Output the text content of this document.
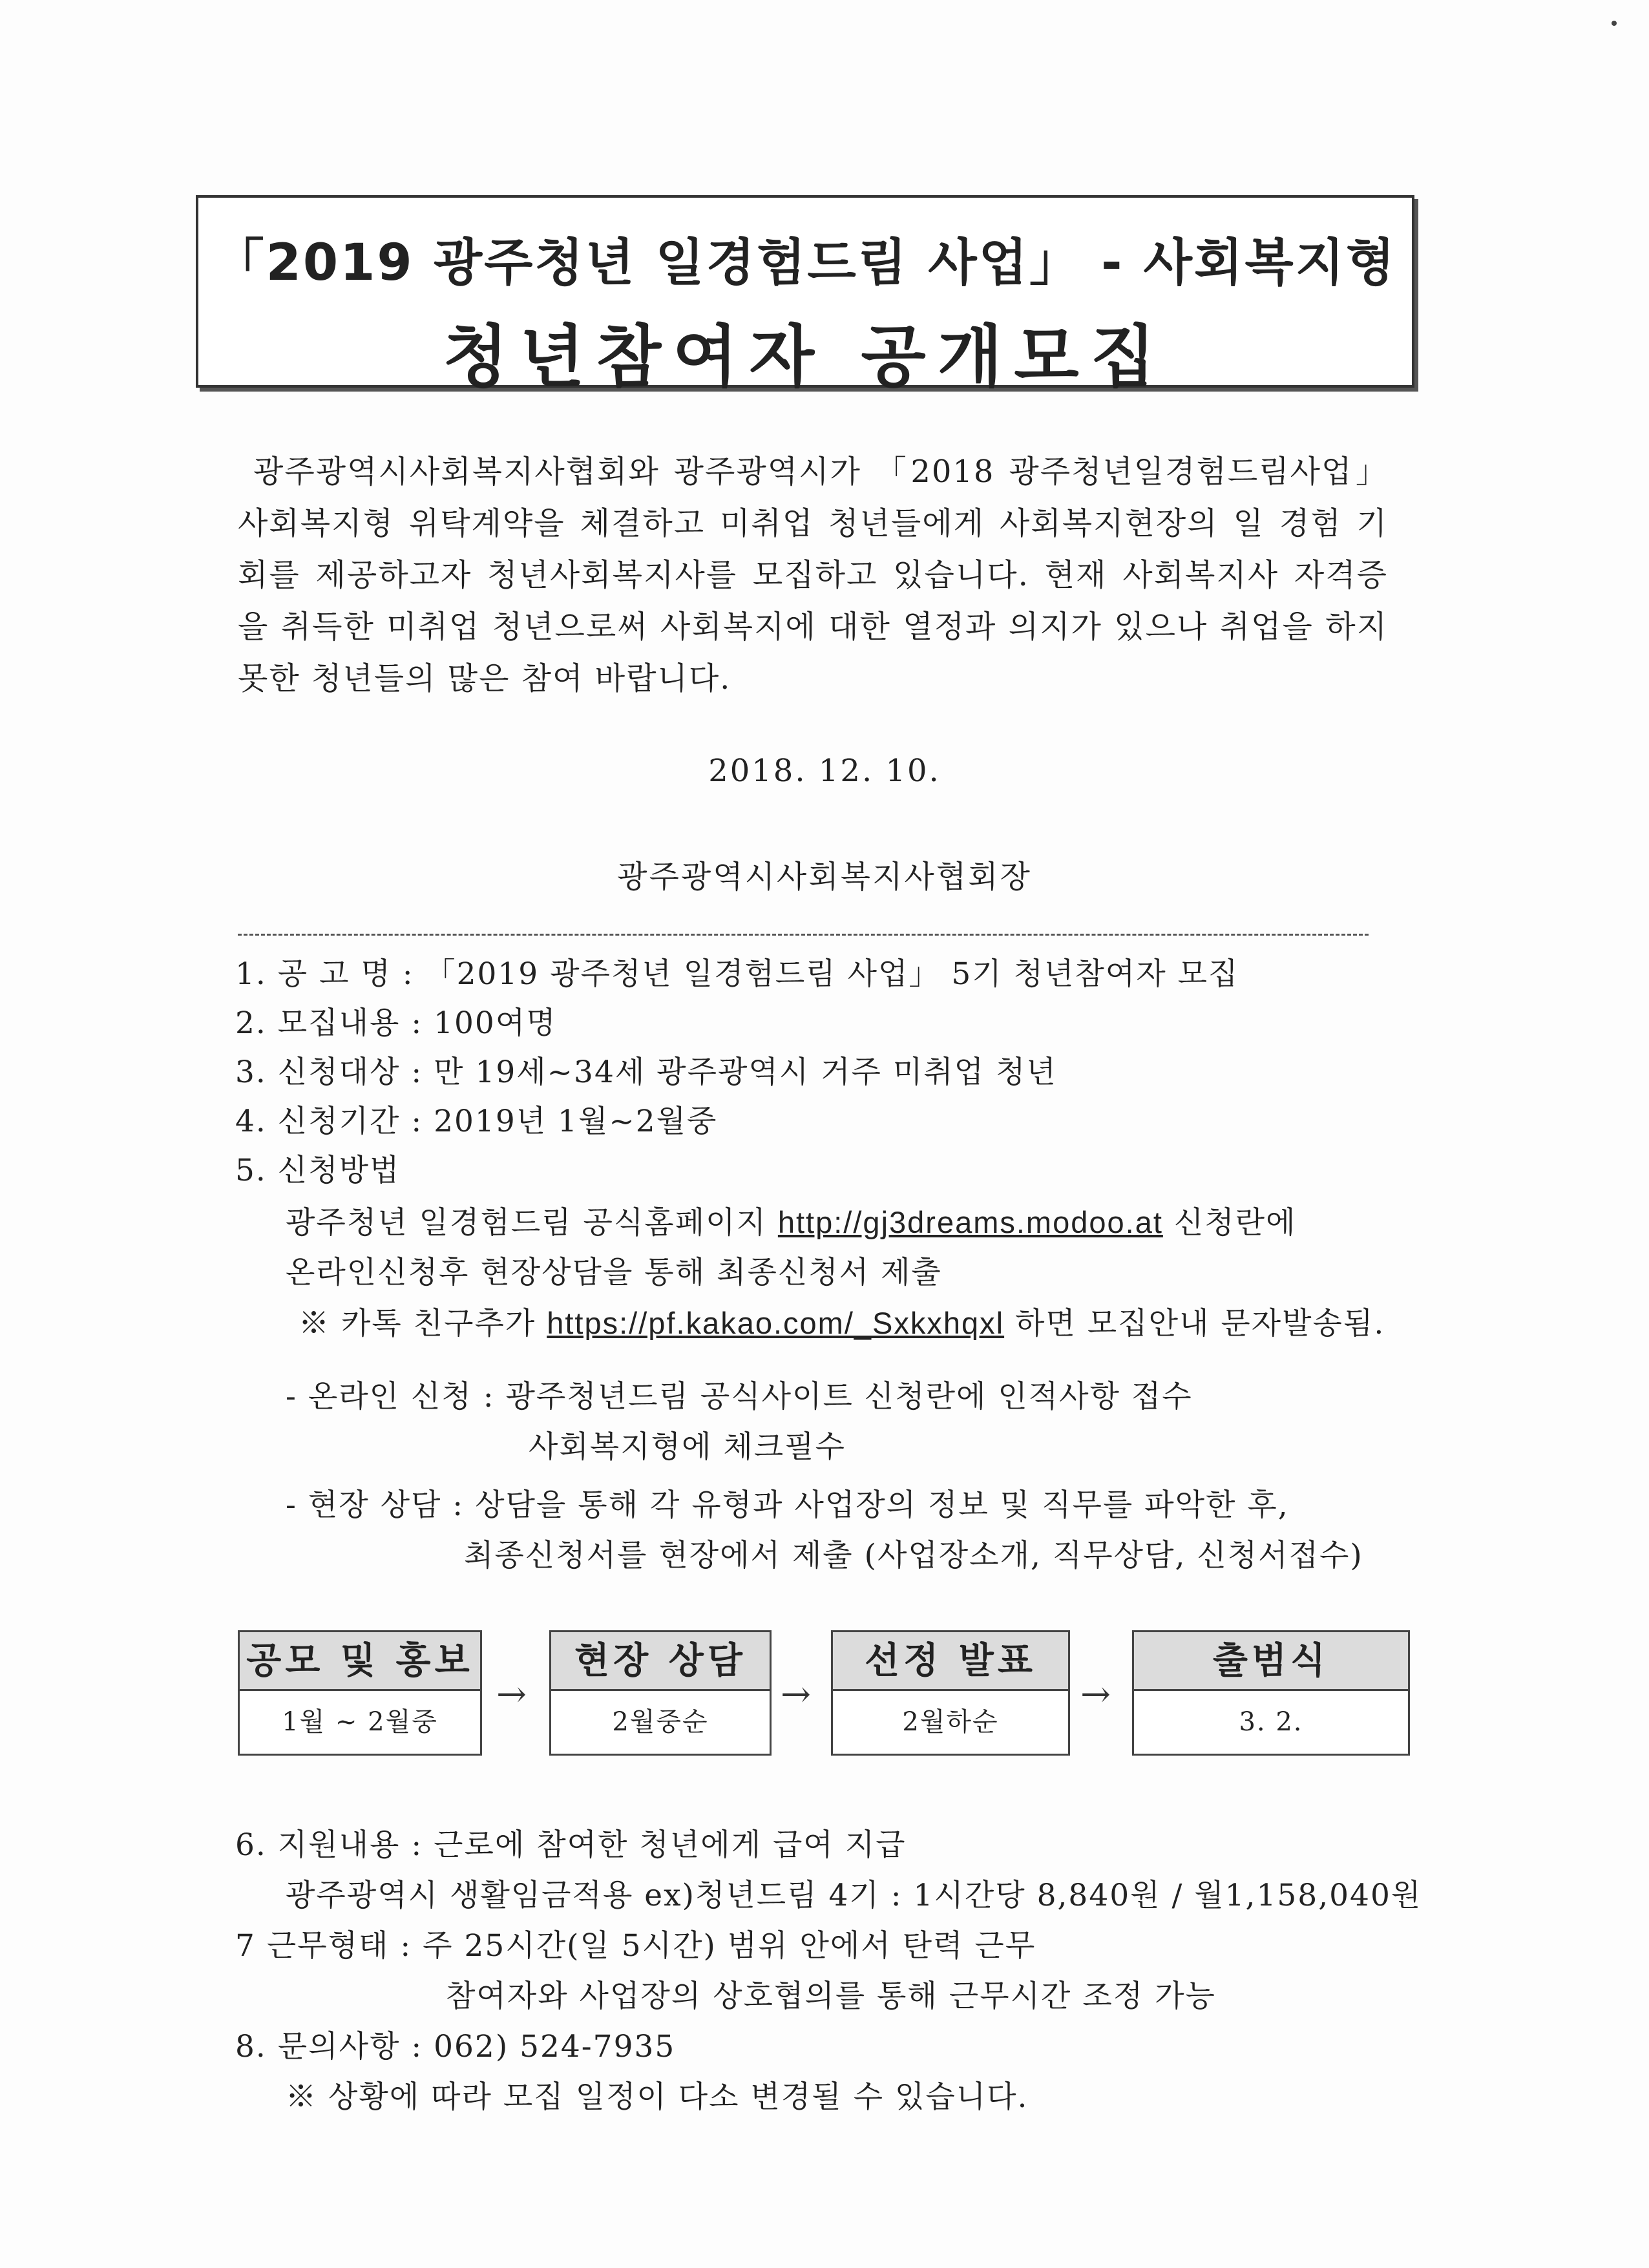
「2019 광주청년 일경험드림 사업」 - 사회복지형
청년참여자 공개모집

광주광역시사회복지사협회와 광주광역시가 「2018 광주청년일경험드림사업」 사회복지형 위탁계약을 체결하고 미취업 청년들에게 사회복지현장의 일 경험 기회를 제공하고자 청년사회복지사를 모집하고 있습니다. 현재 사회복지사 자격증을 취득한 미취업 청년으로써 사회복지에 대한 열정과 의지가 있으나 취업을 하지 못한 청년들의 많은 참여 바랍니다.

2018. 12. 10.
광주광역시사회복지사협회장
1. 공 고 명 : 「2019 광주청년 일경험드림 사업」 5기 청년참여자 모집
2. 모집내용 : 100여명
3. 신청대상 : 만 19세~34세 광주광역시 거주 미취업 청년
4. 신청기간 : 2019년 1월~2월중
5. 신청방법
광주청년 일경험드림 공식홈페이지 http://gj3dreams.modoo.at 신청란에
온라인신청후 현장상담을 통해 최종신청서 제출
※ 카톡 친구추가 https://pf.kakao.com/_Sxkxhqxl 하면 모집안내 문자발송됨.
- 온라인 신청 : 광주청년드림 공식사이트 신청란에 인적사항 접수
사회복지형에 체크필수
- 현장 상담 : 상담을 통해 각 유형과 사업장의 정보 및 직무를 파악한 후,
최종신청서를 현장에서 제출 (사업장소개, 직무상담, 신청서접수)
공모 및 홍보
1월 ~ 2월중
→
현장 상담
2월중순
→
선정 발표
2월하순
→
출범식
3. 2.
6. 지원내용 : 근로에 참여한 청년에게 급여 지급
광주광역시 생활임금적용 ex)청년드림 4기 : 1시간당 8,840원 / 월1,158,040원
7 근무형태 : 주 25시간(일 5시간) 범위 안에서 탄력 근무
참여자와 사업장의 상호협의를 통해 근무시간 조정 가능
8. 문의사항 : 062) 524-7935
※ 상황에 따라 모집 일정이 다소 변경될 수 있습니다.
